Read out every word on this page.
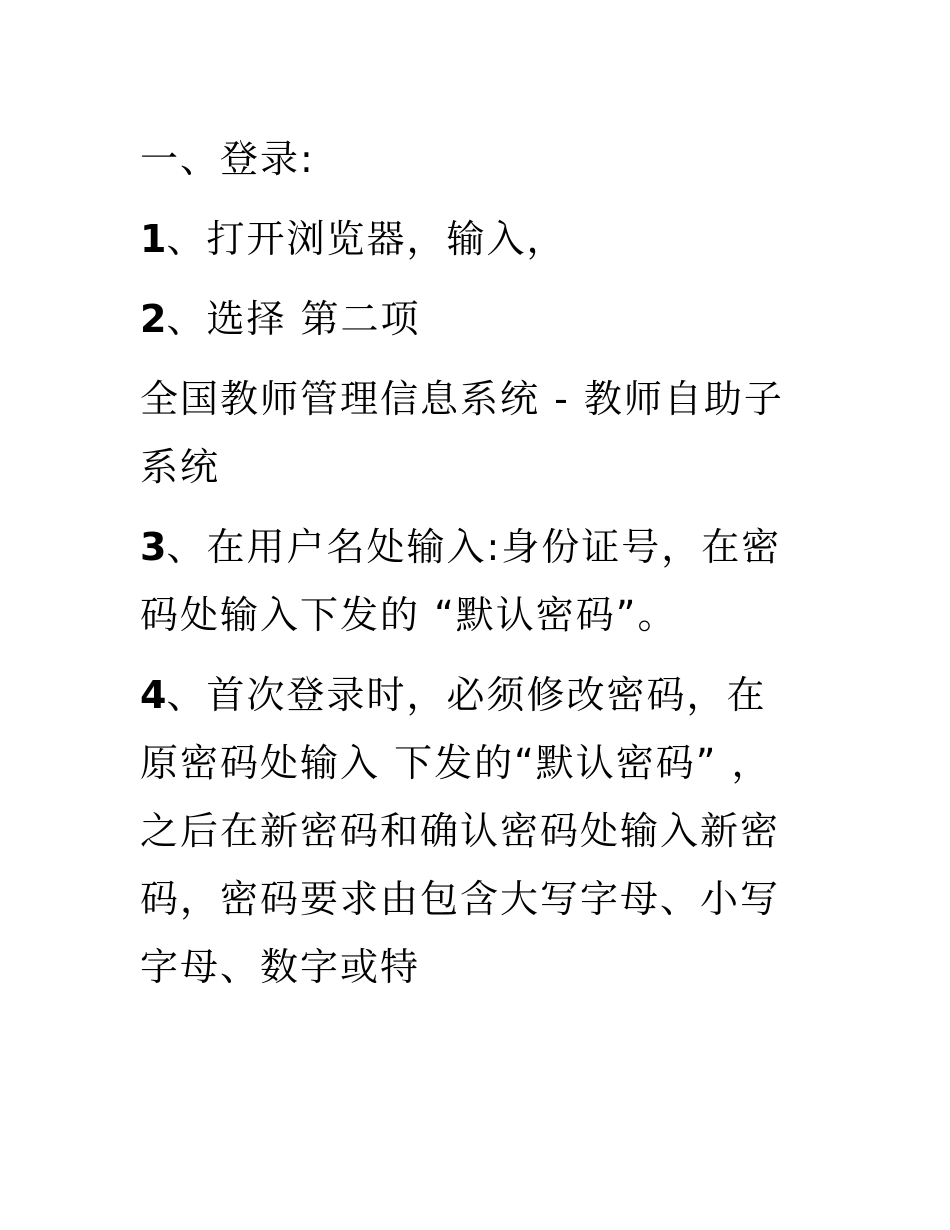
一、登录:

1、打开浏览器，输入，

2、选择 第二项

全国教师管理信息系统 - 教师自助子系统

3、在用户名处输入:身份证号，在密码处输入下发的 “默认密码”。

4、首次登录时，必须修改密码，在原密码处输入 下发的“默认密码” ，之后在新密码和确认密码处输入新密码，密码要求由包含大写字母、小写字母、数字或特
